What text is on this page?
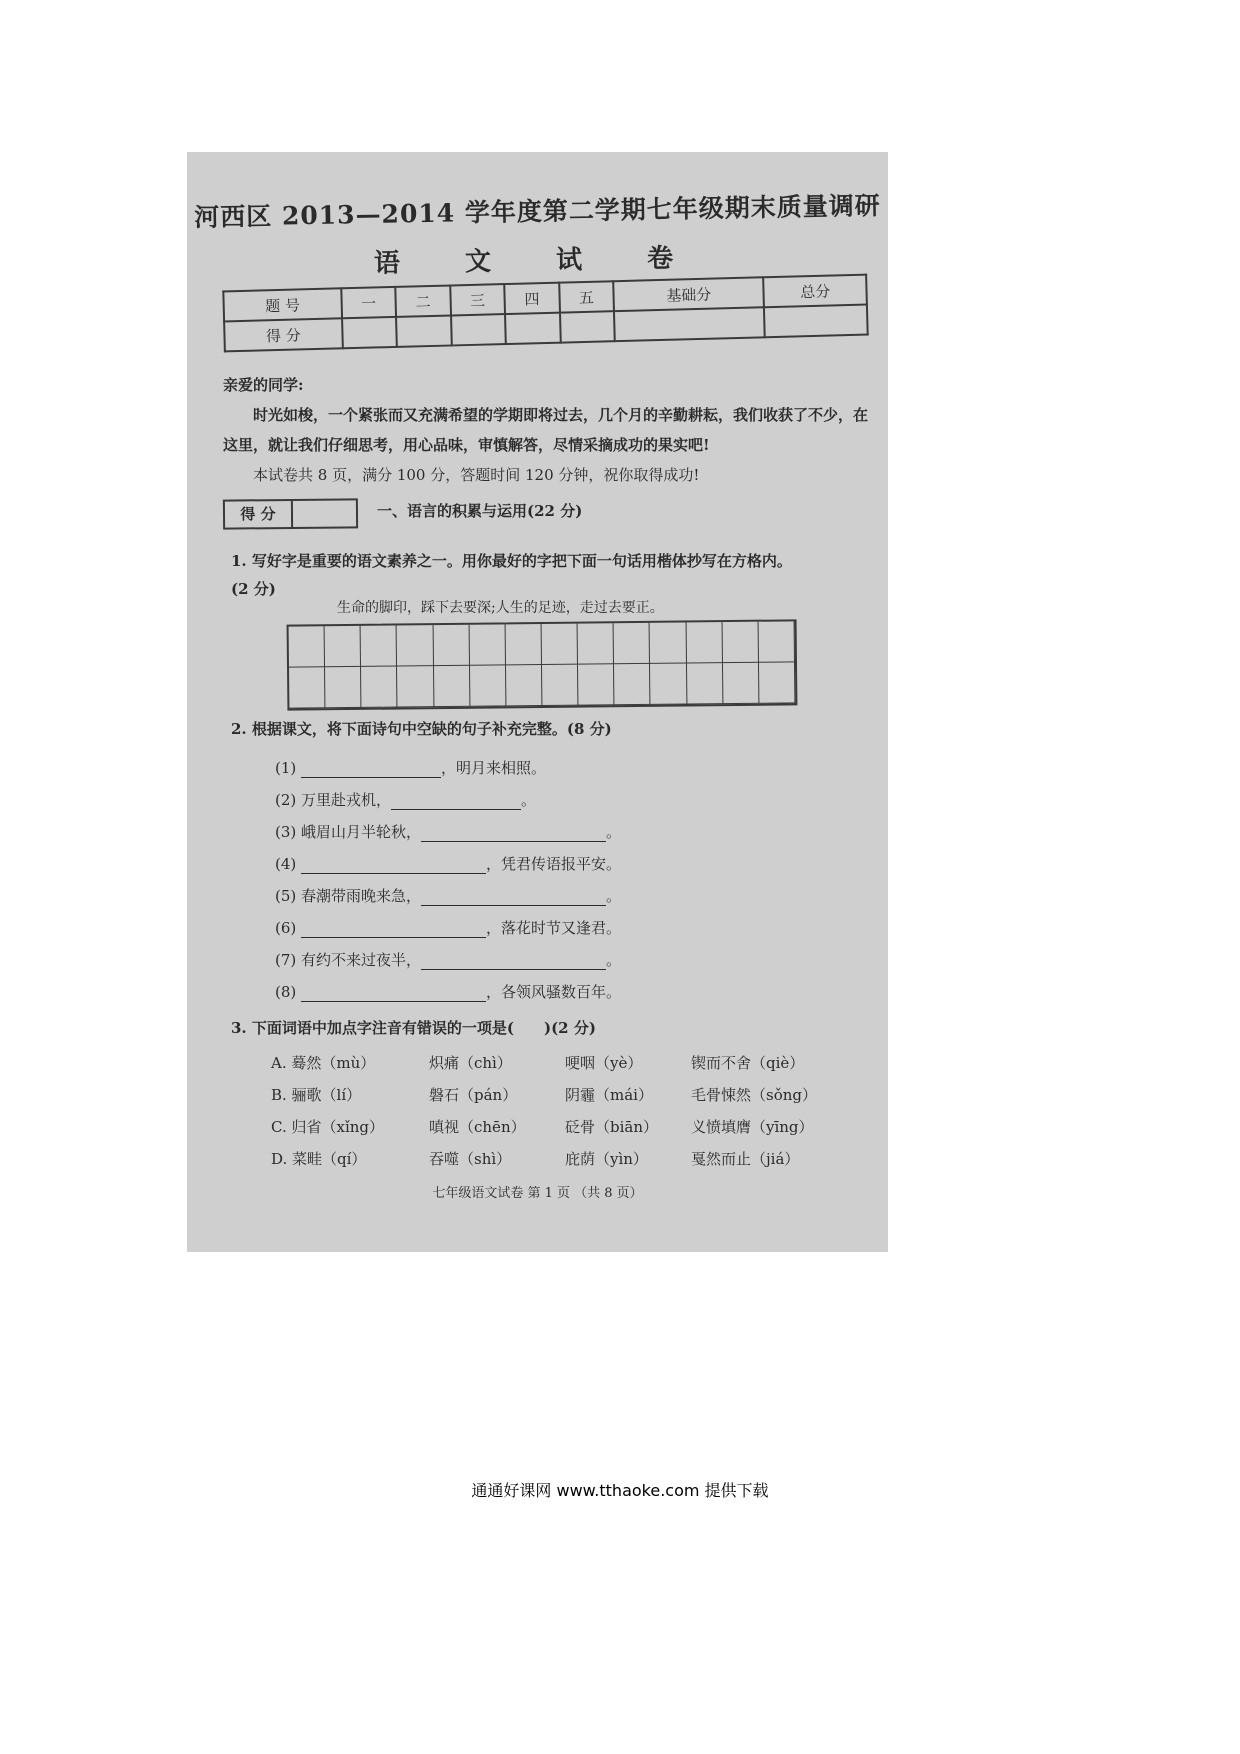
河西区 2013—2014 学年度第二学期七年级期末质量调研
语 文 试 卷
题 号	一	二	三	四	五	基础分	总分
得 分							
亲爱的同学:
时光如梭，一个紧张而又充满希望的学期即将过去，几个月的辛勤耕耘，我们收获了不少，在这里，就让我们仔细思考，用心品味，审慎解答，尽情采摘成功的果实吧!
本试卷共 8 页，满分 100 分，答题时间 120 分钟，祝你取得成功!
得 分	一、语言的积累与运用(22 分)
1. 写好字是重要的语文素养之一。用你最好的字把下面一句话用楷体抄写在方格内。
(2 分)
生命的脚印，踩下去要深;人生的足迹，走过去要正。
2. 根据课文，将下面诗句中空缺的句子补充完整。(8 分)
(1)	，明月来相照。
(2) 万里赴戎机，	。
(3) 峨眉山月半轮秋，	。
(4)	，凭君传语报平安。
(5) 春潮带雨晚来急，	。
(6)	，落花时节又逢君。
(7) 有约不来过夜半，	。
(8)	，各领风骚数百年。
3. 下面词语中加点字注音有错误的一项是(　　)(2 分)
A. 蓦然（mù）	炽痛（chì）	哽咽（yè）	锲而不舍（qiè）
B. 骊歌（lí）	磐石（pán）	阴霾（mái）	毛骨悚然（sǒng）
C. 归省（xǐng）	嗔视（chēn）	砭骨（biān） 义愤填膺（yīng）
D. 菜畦（qí）	吞噬（shì）	庇荫（yìn）	戛然而止（jiá）
七年级语文试卷 第 1 页 （共 8 页）
通通好课网 www.tthaoke.com 提供下载
